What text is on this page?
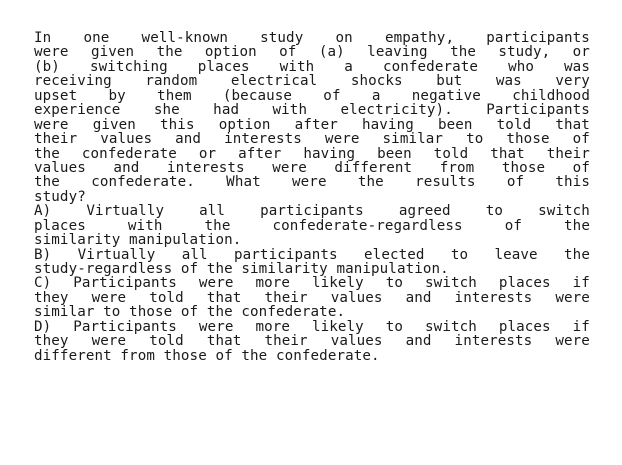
In one well-known study on empathy, participants
were given the option of (a) leaving the study, or
(b) switching places with a confederate who was
receiving random electrical shocks but was very
upset by them (because of a negative childhood
experience she had with electricity). Participants
were given this option after having been told that
their values and interests were similar to those of
the confederate or after having been told that their
values and interests were different from those of
the confederate. What were the results of this
study?
A) Virtually all participants agreed to switch
places	with	the	confederate-regardless	of	the
similarity manipulation.
B) Virtually all participants elected to leave the
study-regardless of the similarity manipulation.
C) Participants were more likely to switch places if
they were told that their values and interests were
similar to those of the confederate.
D) Participants were more likely to switch places if
they were told that their values and interests were
different from those of the confederate.
